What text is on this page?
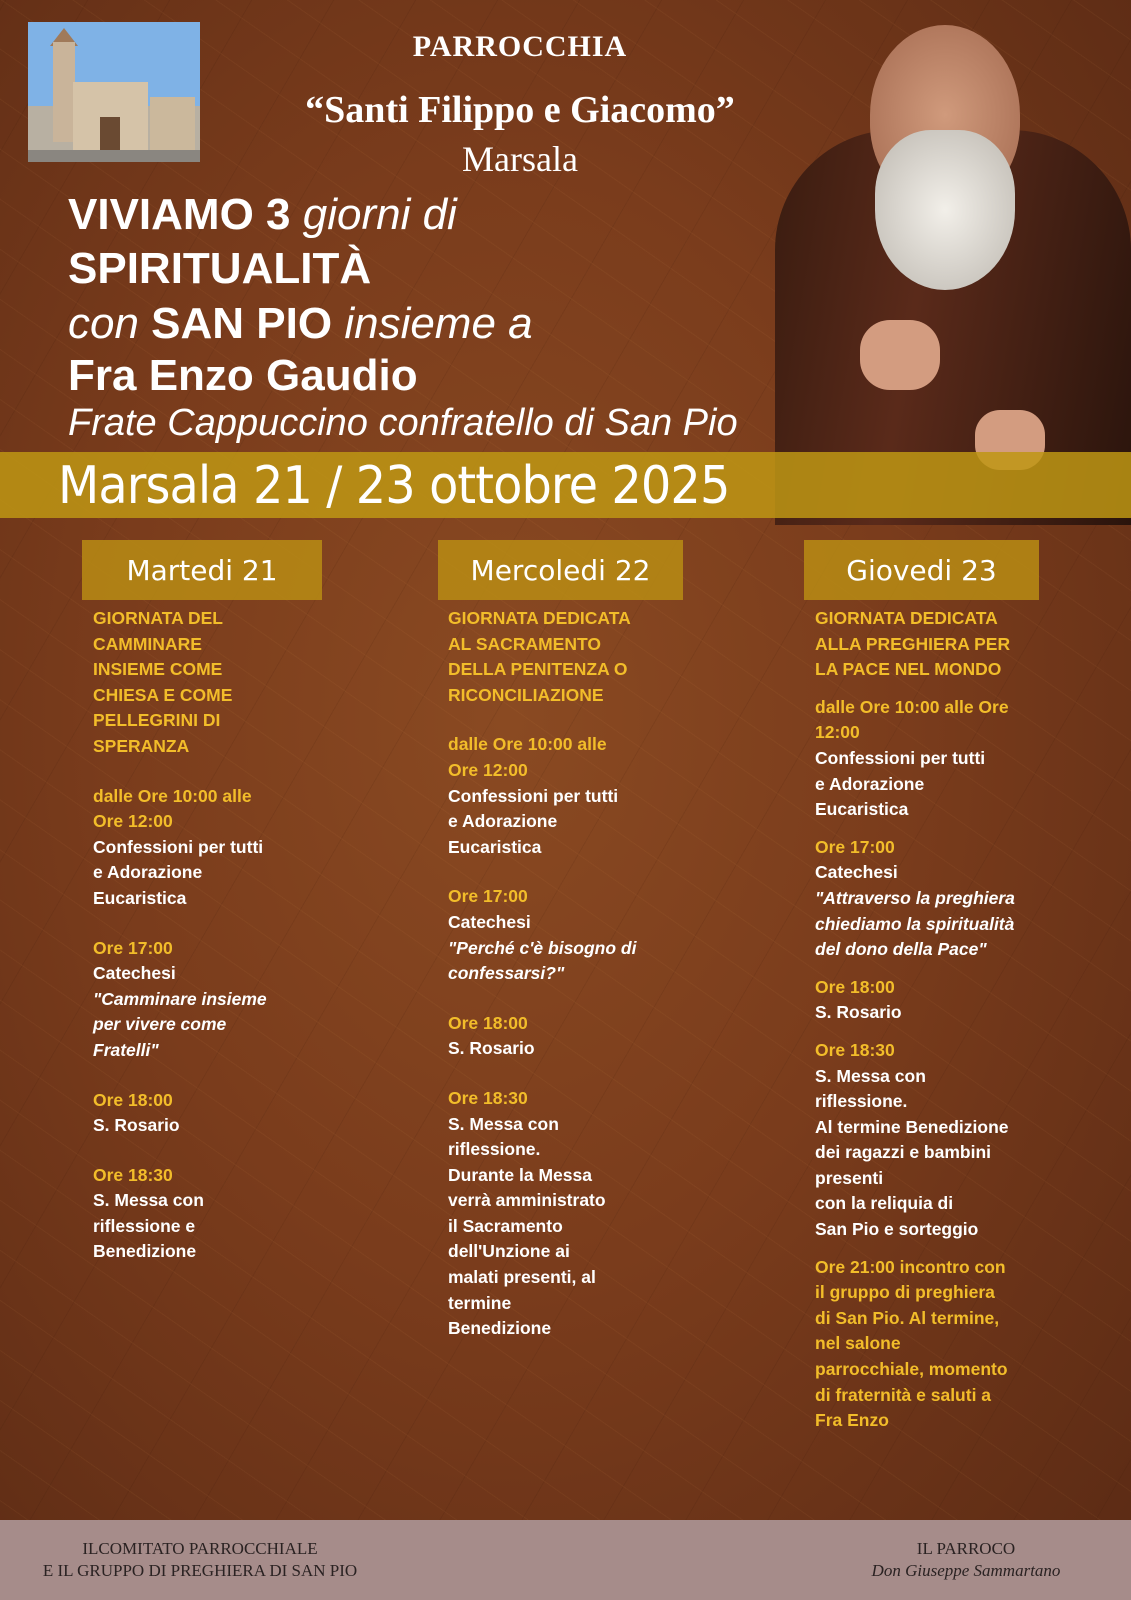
PARROCCHIA
“Santi Filippo e Giacomo”
Marsala
VIVIAMO 3 giorni di
SPIRITUALITÀ
con SAN PIO insieme a
Fra Enzo Gaudio
Frate Cappuccino confratello di San Pio
Marsala 21 / 23 ottobre 2025
Martedi 21
GIORNATA DEL
CAMMINARE
INSIEME COME
CHIESA E COME
PELLEGRINI DI
SPERANZA
dalle Ore 10:00 alle
Ore 12:00
Confessioni per tutti
e Adorazione
Eucaristica
Ore 17:00
Catechesi
"Camminare insieme
per vivere come
Fratelli"
Ore 18:00
S. Rosario
Ore 18:30
S. Messa con
riflessione e
Benedizione
Mercoledi 22
GIORNATA DEDICATA
AL SACRAMENTO
DELLA PENITENZA O
RICONCILIAZIONE
dalle Ore 10:00 alle
Ore 12:00
Confessioni per tutti
e Adorazione
Eucaristica
Ore 17:00
Catechesi
"Perché c'è bisogno di
confessarsi?"
Ore 18:00
S. Rosario
Ore 18:30
S. Messa con
riflessione.
Durante la Messa
verrà amministrato
il Sacramento
dell'Unzione ai
malati presenti, al
termine
Benedizione
Giovedi 23
GIORNATA DEDICATA
ALLA PREGHIERA PER
LA PACE NEL MONDO
dalle Ore 10:00 alle Ore
12:00
Confessioni per tutti
e Adorazione
Eucaristica
Ore 17:00
Catechesi
"Attraverso la preghiera
chiediamo la spiritualità
del dono della Pace"
Ore 18:00
S. Rosario
Ore 18:30
S. Messa con
riflessione.
Al termine Benedizione
dei ragazzi e bambini
presenti
con la reliquia di
San Pio e sorteggio
Ore 21:00 incontro con
il gruppo di preghiera
di San Pio. Al termine,
nel salone
parrocchiale, momento
di fraternità e saluti a
Fra Enzo
ILCOMITATO PARROCCHIALE
E IL GRUPPO DI PREGHIERA DI SAN PIO
IL PARROCO
Don Giuseppe Sammartano
